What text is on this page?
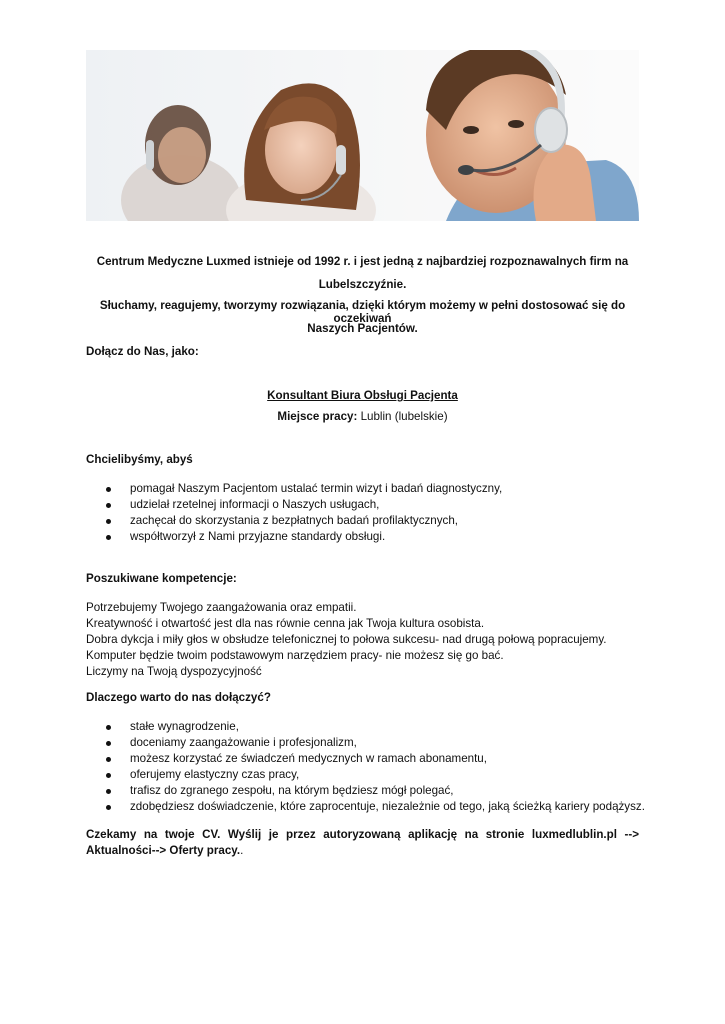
Centrum Medyczne Luxmed istnieje od 1992 r. i jest jedną z najbardziej rozpoznawalnych firm na
Lubelszczyźnie.
Słuchamy, reagujemy, tworzymy rozwiązania, dzięki którym możemy w pełni dostosować się do oczekiwań
Naszych Pacjentów.
Dołącz do Nas, jako:
Konsultant Biura Obsługi Pacjenta
Miejsce pracy: Lublin (lubelskie)
Chcielibyśmy, abyś
pomagał Naszym Pacjentom ustalać termin wizyt i badań diagnostyczny,
udzielał rzetelnej informacji o Naszych usługach,
zachęcał do skorzystania z bezpłatnych badań profilaktycznych,
współtworzył z Nami przyjazne standardy obsługi.
Poszukiwane kompetencje:
Potrzebujemy Twojego zaangażowania oraz empatii.
Kreatywność i otwartość jest dla nas równie cenna jak Twoja kultura osobista.
Dobra dykcja i miły głos w obsłudze telefonicznej to połowa sukcesu- nad drugą połową popracujemy.
Komputer będzie twoim podstawowym narzędziem pracy- nie możesz się go bać.
Liczymy na Twoją dyspozycyjność
Dlaczego warto do nas dołączyć?
stałe wynagrodzenie,
doceniamy zaangażowanie i profesjonalizm,
możesz korzystać ze świadczeń medycznych w ramach abonamentu,
oferujemy elastyczny czas pracy,
trafisz do zgranego zespołu, na którym będziesz mógł polegać,
zdobędziesz doświadczenie, które zaprocentuje, niezależnie od tego, jaką ścieżką kariery podążysz.
Czekamy na twoje CV. Wyślij je przez autoryzowaną aplikację na stronie luxmedlublin.pl --> Aktualności--> Oferty pracy..
